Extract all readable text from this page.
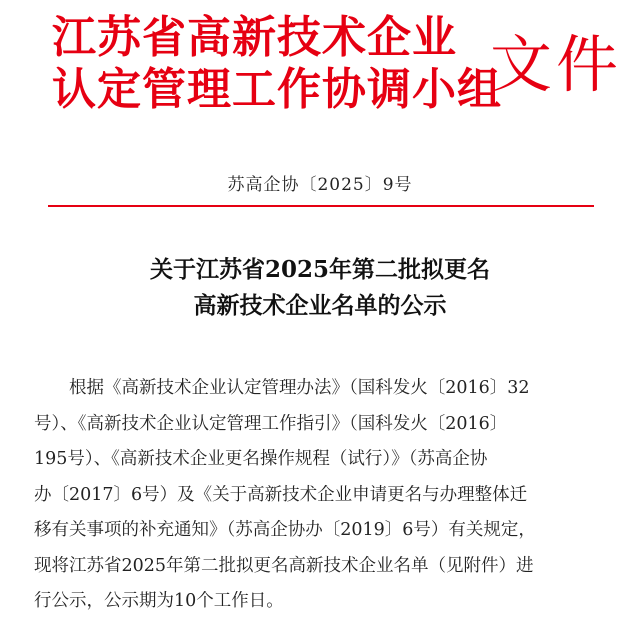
江苏省高新技术企业
认定管理工作协调小组
文件
苏高企协〔2025〕9号
关于江苏省2025年第二批拟更名
高新技术企业名单的公示
根据《高新技术企业认定管理办法》（国科发火〔2016〕32
号）、《高新技术企业认定管理工作指引》（国科发火〔2016〕
195号）、《高新技术企业更名操作规程（试行）》（苏高企协
办〔2017〕6号）及《关于高新技术企业申请更名与办理整体迁
移有关事项的补充通知》（苏高企协办〔2019〕6号）有关规定，
现将江苏省2025年第二批拟更名高新技术企业名单（见附件）进
行公示，公示期为10个工作日。
